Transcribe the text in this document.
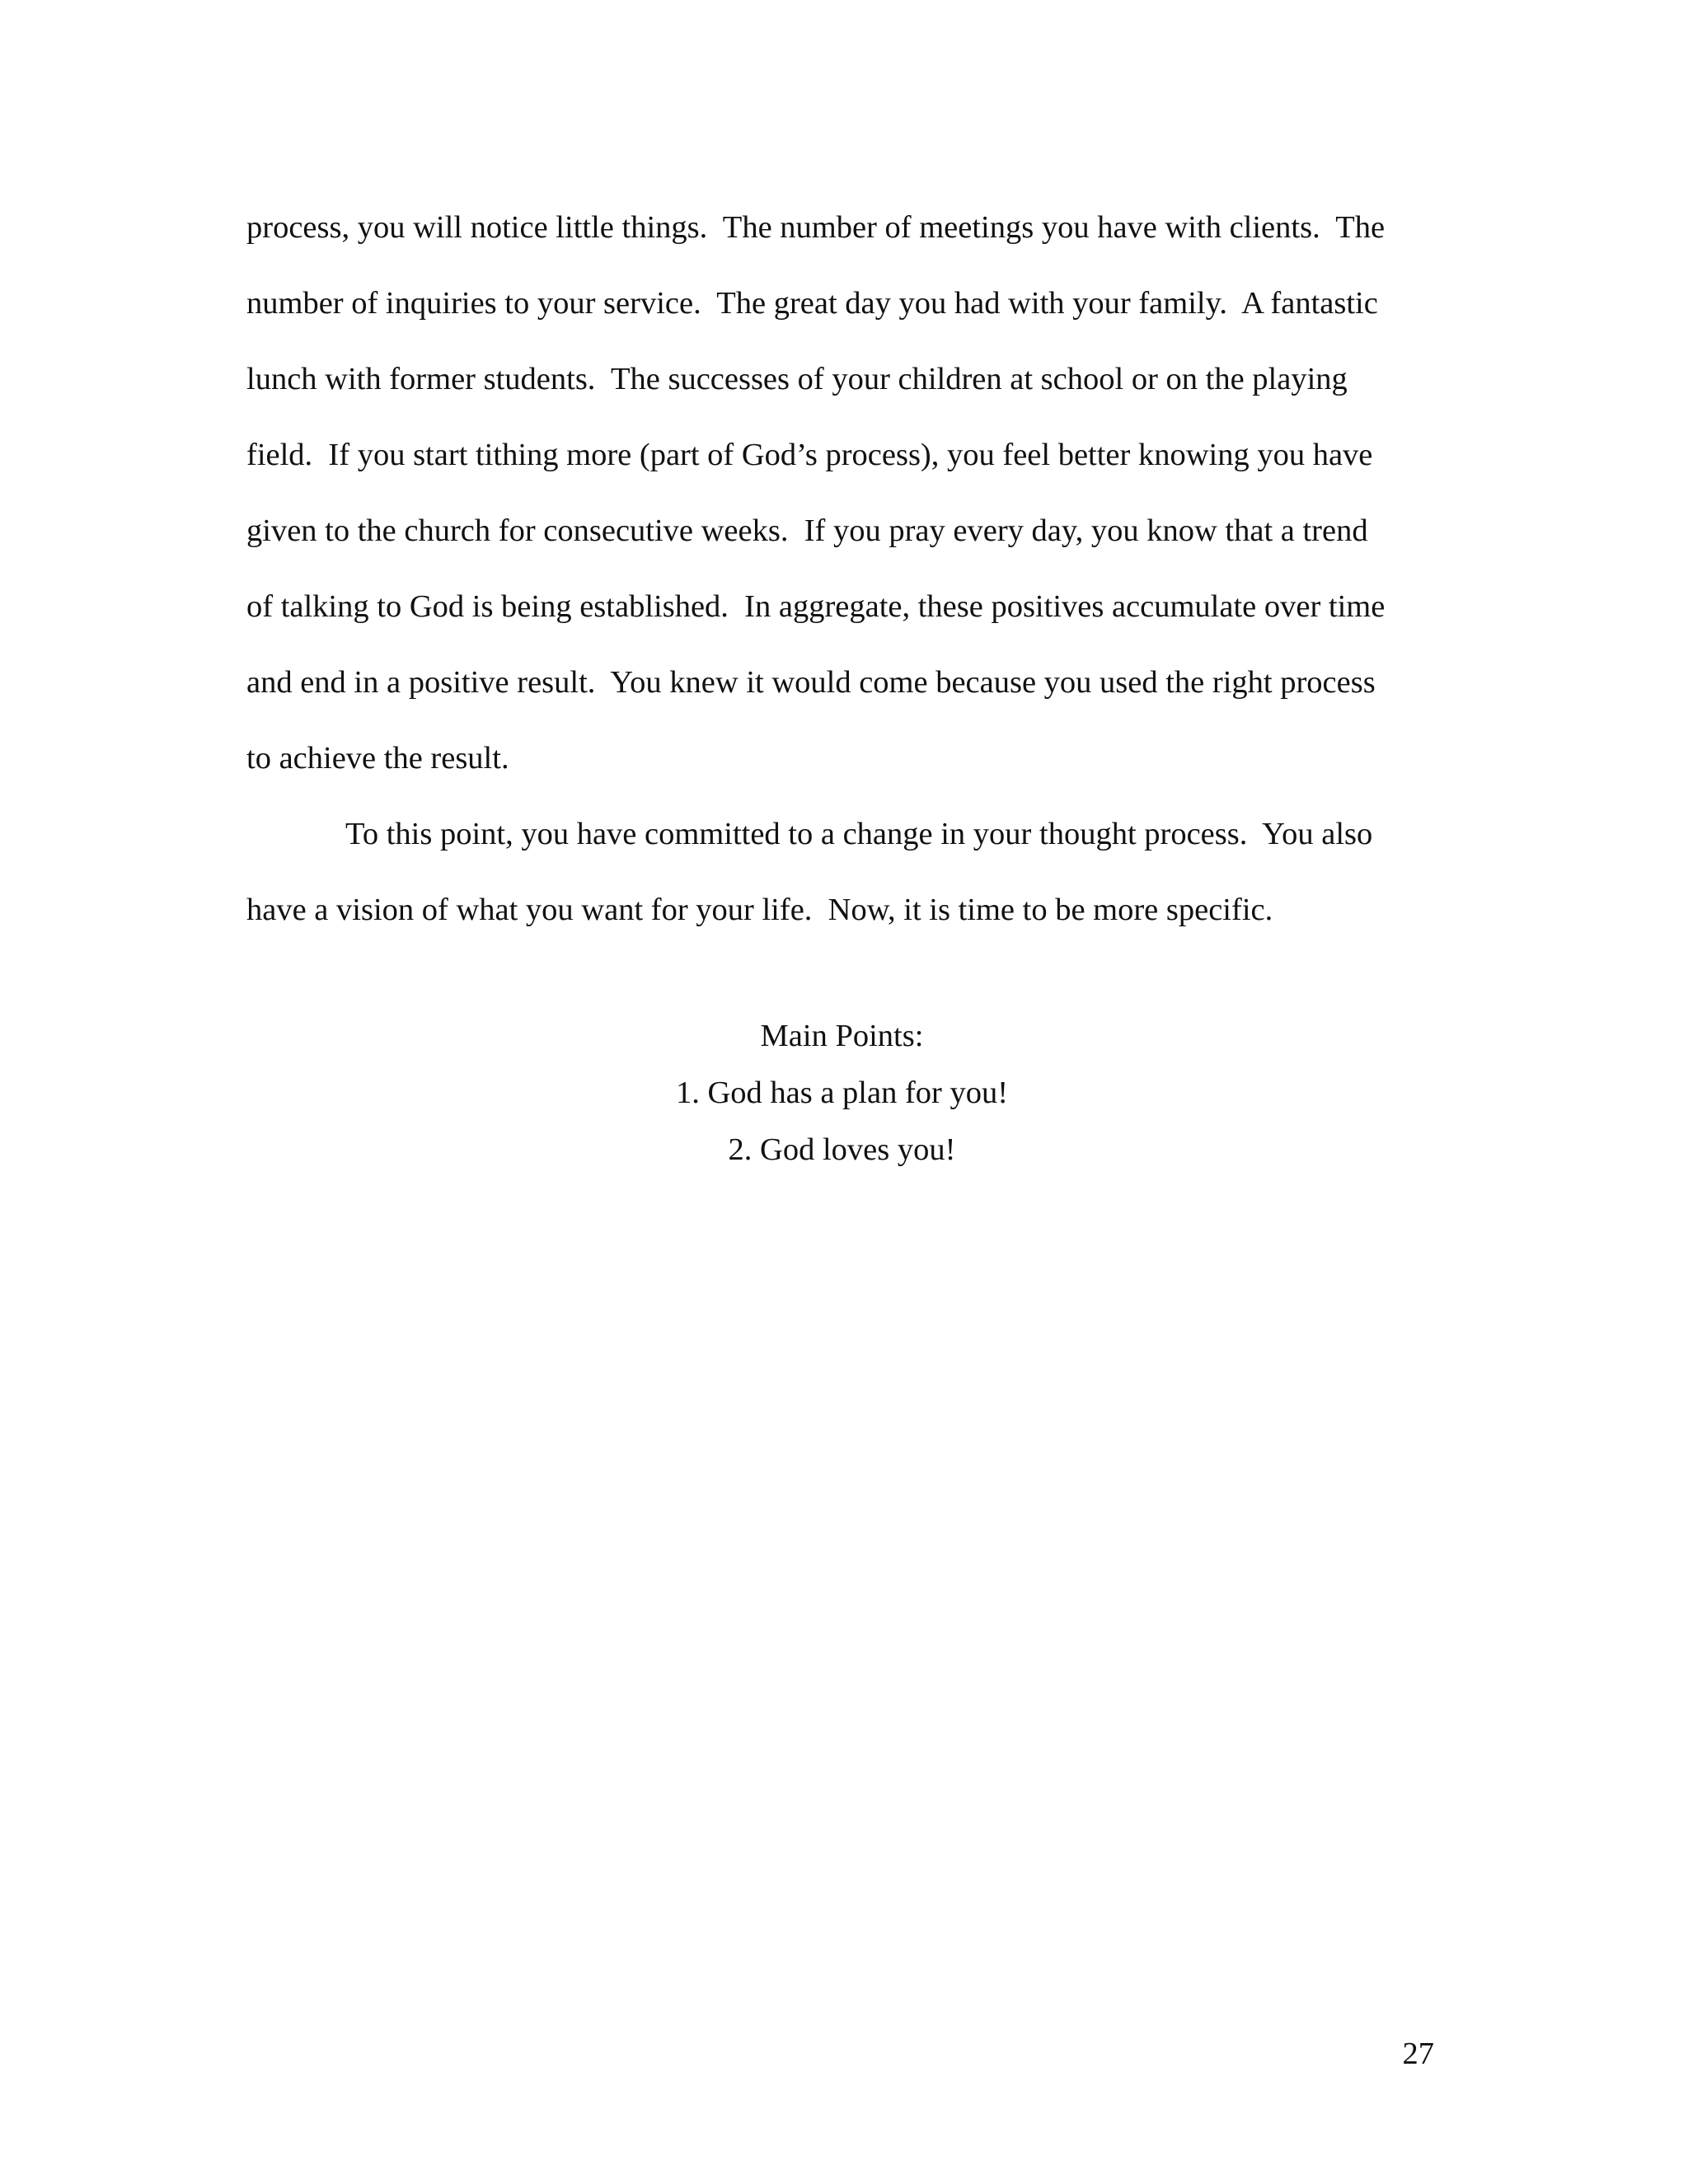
process, you will notice little things.  The number of meetings you have with clients.  The
number of inquiries to your service.  The great day you had with your family.  A fantastic
lunch with former students.  The successes of your children at school or on the playing
field.  If you start tithing more (part of God’s process), you feel better knowing you have
given to the church for consecutive weeks.  If you pray every day, you know that a trend
of talking to God is being established.  In aggregate, these positives accumulate over time
and end in a positive result.  You knew it would come because you used the right process
to achieve the result.
To this point, you have committed to a change in your thought process.  You also
have a vision of what you want for your life.  Now, it is time to be more specific.
Main Points:
1. God has a plan for you!
2. God loves you!
27
